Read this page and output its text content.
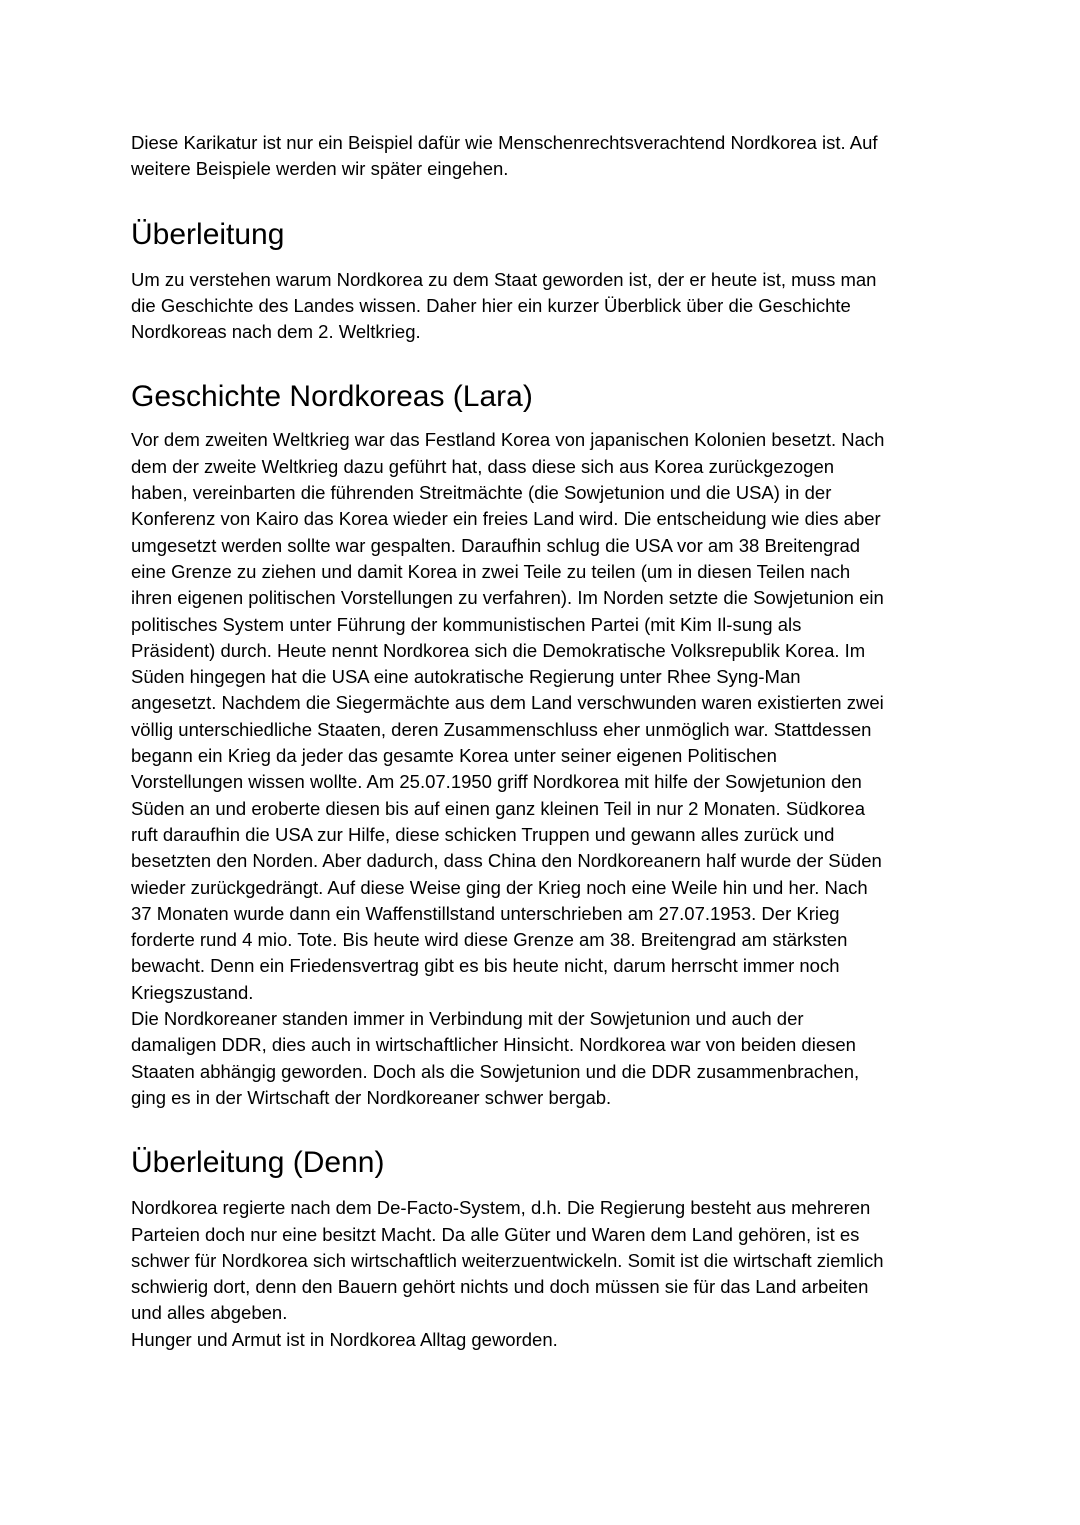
Diese Karikatur ist nur ein Beispiel dafür wie Menschenrechtsverachtend Nordkorea ist. Auf
weitere Beispiele werden wir später eingehen.

Überleitung

Um zu verstehen warum Nordkorea zu dem Staat geworden ist, der er heute ist, muss man
die Geschichte des Landes wissen. Daher hier ein kurzer Überblick über die Geschichte
Nordkoreas nach dem 2. Weltkrieg.

Geschichte Nordkoreas (Lara)

Vor dem zweiten Weltkrieg war das Festland Korea von japanischen Kolonien besetzt. Nach
dem der zweite Weltkrieg dazu geführt hat, dass diese sich aus Korea zurückgezogen
haben, vereinbarten die führenden Streitmächte (die Sowjetunion und die USA) in der
Konferenz von Kairo das Korea wieder ein freies Land wird. Die entscheidung wie dies aber
umgesetzt werden sollte war gespalten. Daraufhin schlug die USA vor am 38 Breitengrad
eine Grenze zu ziehen und damit Korea in zwei Teile zu teilen (um in diesen Teilen nach
ihren eigenen politischen Vorstellungen zu verfahren). Im Norden setzte die Sowjetunion ein
politisches System unter Führung der kommunistischen Partei (mit Kim Il-sung als
Präsident) durch. Heute nennt Nordkorea sich die Demokratische Volksrepublik Korea. Im
Süden hingegen hat die USA eine autokratische Regierung unter Rhee Syng-Man
angesetzt. Nachdem die Siegermächte aus dem Land verschwunden waren existierten zwei
völlig unterschiedliche Staaten, deren Zusammenschluss eher unmöglich war. Stattdessen
begann ein Krieg da jeder das gesamte Korea unter seiner eigenen Politischen
Vorstellungen wissen wollte. Am 25.07.1950 griff Nordkorea mit hilfe der Sowjetunion den
Süden an und eroberte diesen bis auf einen ganz kleinen Teil in nur 2 Monaten. Südkorea
ruft daraufhin die USA zur Hilfe, diese schicken Truppen und gewann alles zurück und
besetzten den Norden. Aber dadurch, dass China den Nordkoreanern half wurde der Süden
wieder zurückgedrängt. Auf diese Weise ging der Krieg noch eine Weile hin und her. Nach
37 Monaten wurde dann ein Waffenstillstand unterschrieben am 27.07.1953. Der Krieg
forderte rund 4 mio. Tote. Bis heute wird diese Grenze am 38. Breitengrad am stärksten
bewacht. Denn ein Friedensvertrag gibt es bis heute nicht, darum herrscht immer noch
Kriegszustand.
Die Nordkoreaner standen immer in Verbindung mit der Sowjetunion und auch der
damaligen DDR, dies auch in wirtschaftlicher Hinsicht. Nordkorea war von beiden diesen
Staaten abhängig geworden. Doch als die Sowjetunion und die DDR zusammenbrachen,
ging es in der Wirtschaft der Nordkoreaner schwer bergab.

Überleitung (Denn)

Nordkorea regierte nach dem De-Facto-System, d.h. Die Regierung besteht aus mehreren
Parteien doch nur eine besitzt Macht. Da alle Güter und Waren dem Land gehören, ist es
schwer für Nordkorea sich wirtschaftlich weiterzuentwickeln. Somit ist die wirtschaft ziemlich
schwierig dort, denn den Bauern gehört nichts und doch müssen sie für das Land arbeiten
und alles abgeben.
Hunger und Armut ist in Nordkorea Alltag geworden.
